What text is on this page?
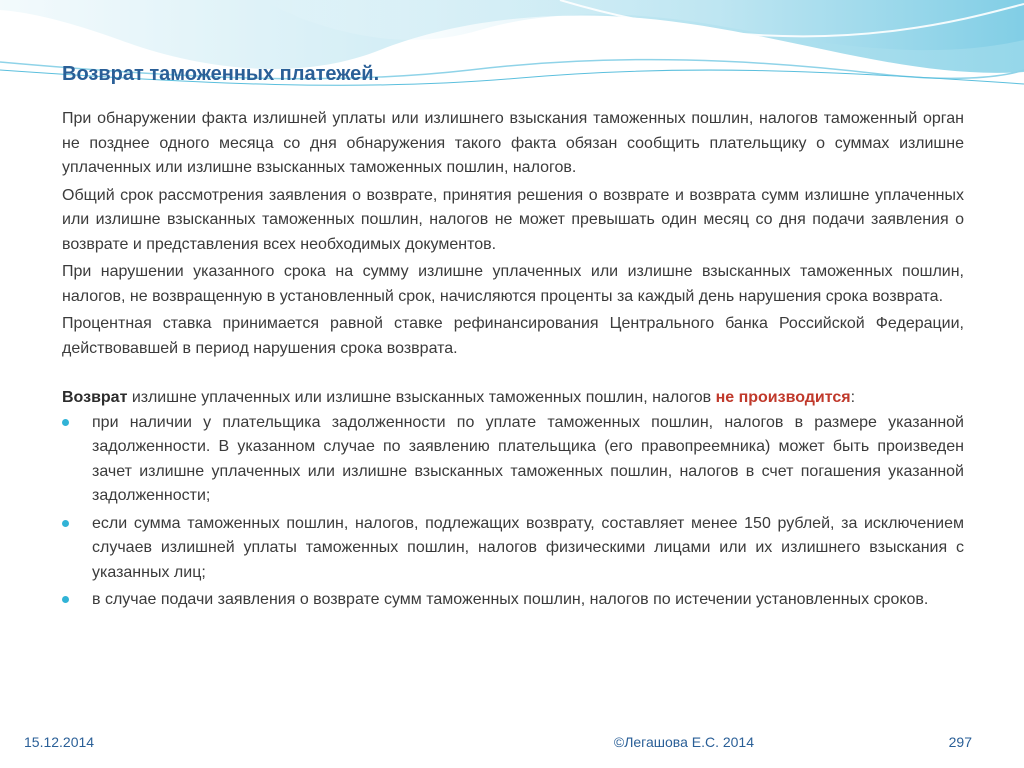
Возврат таможенных платежей.

При обнаружении факта излишней уплаты или излишнего взыскания таможенных пошлин, налогов таможенный орган не позднее одного месяца со дня обнаружения такого факта обязан сообщить плательщику о суммах излишне уплаченных или излишне взысканных таможенных пошлин, налогов.

Общий срок рассмотрения заявления о возврате, принятия решения о возврате и возврата сумм излишне уплаченных или излишне взысканных таможенных пошлин, налогов не может превышать один месяц со дня подачи заявления о возврате и представления всех необходимых документов.

При нарушении указанного срока на сумму излишне уплаченных или излишне взысканных таможенных пошлин, налогов, не возвращенную в установленный срок, начисляются проценты за каждый день нарушения срока возврата.

Процентная ставка принимается равной ставке рефинансирования Центрального банка Российской Федерации, действовавшей в период нарушения срока возврата.

Возврат излишне уплаченных или излишне взысканных таможенных пошлин, налогов не производится:

при наличии у плательщика задолженности по уплате таможенных пошлин, налогов в размере указанной задолженности. В указанном случае по заявлению плательщика (его правопреемника) может быть произведен зачет излишне уплаченных или излишне взысканных таможенных пошлин, налогов в счет погашения указанной задолженности;
если сумма таможенных пошлин, налогов, подлежащих возврату, составляет менее 150 рублей, за исключением случаев излишней уплаты таможенных пошлин, налогов физическими лицами или их излишнего взыскания с указанных лиц;
в случае подачи заявления о возврате сумм таможенных пошлин, налогов по истечении установленных сроков.
15.12.2014	©Легашова Е.С. 2014	297
